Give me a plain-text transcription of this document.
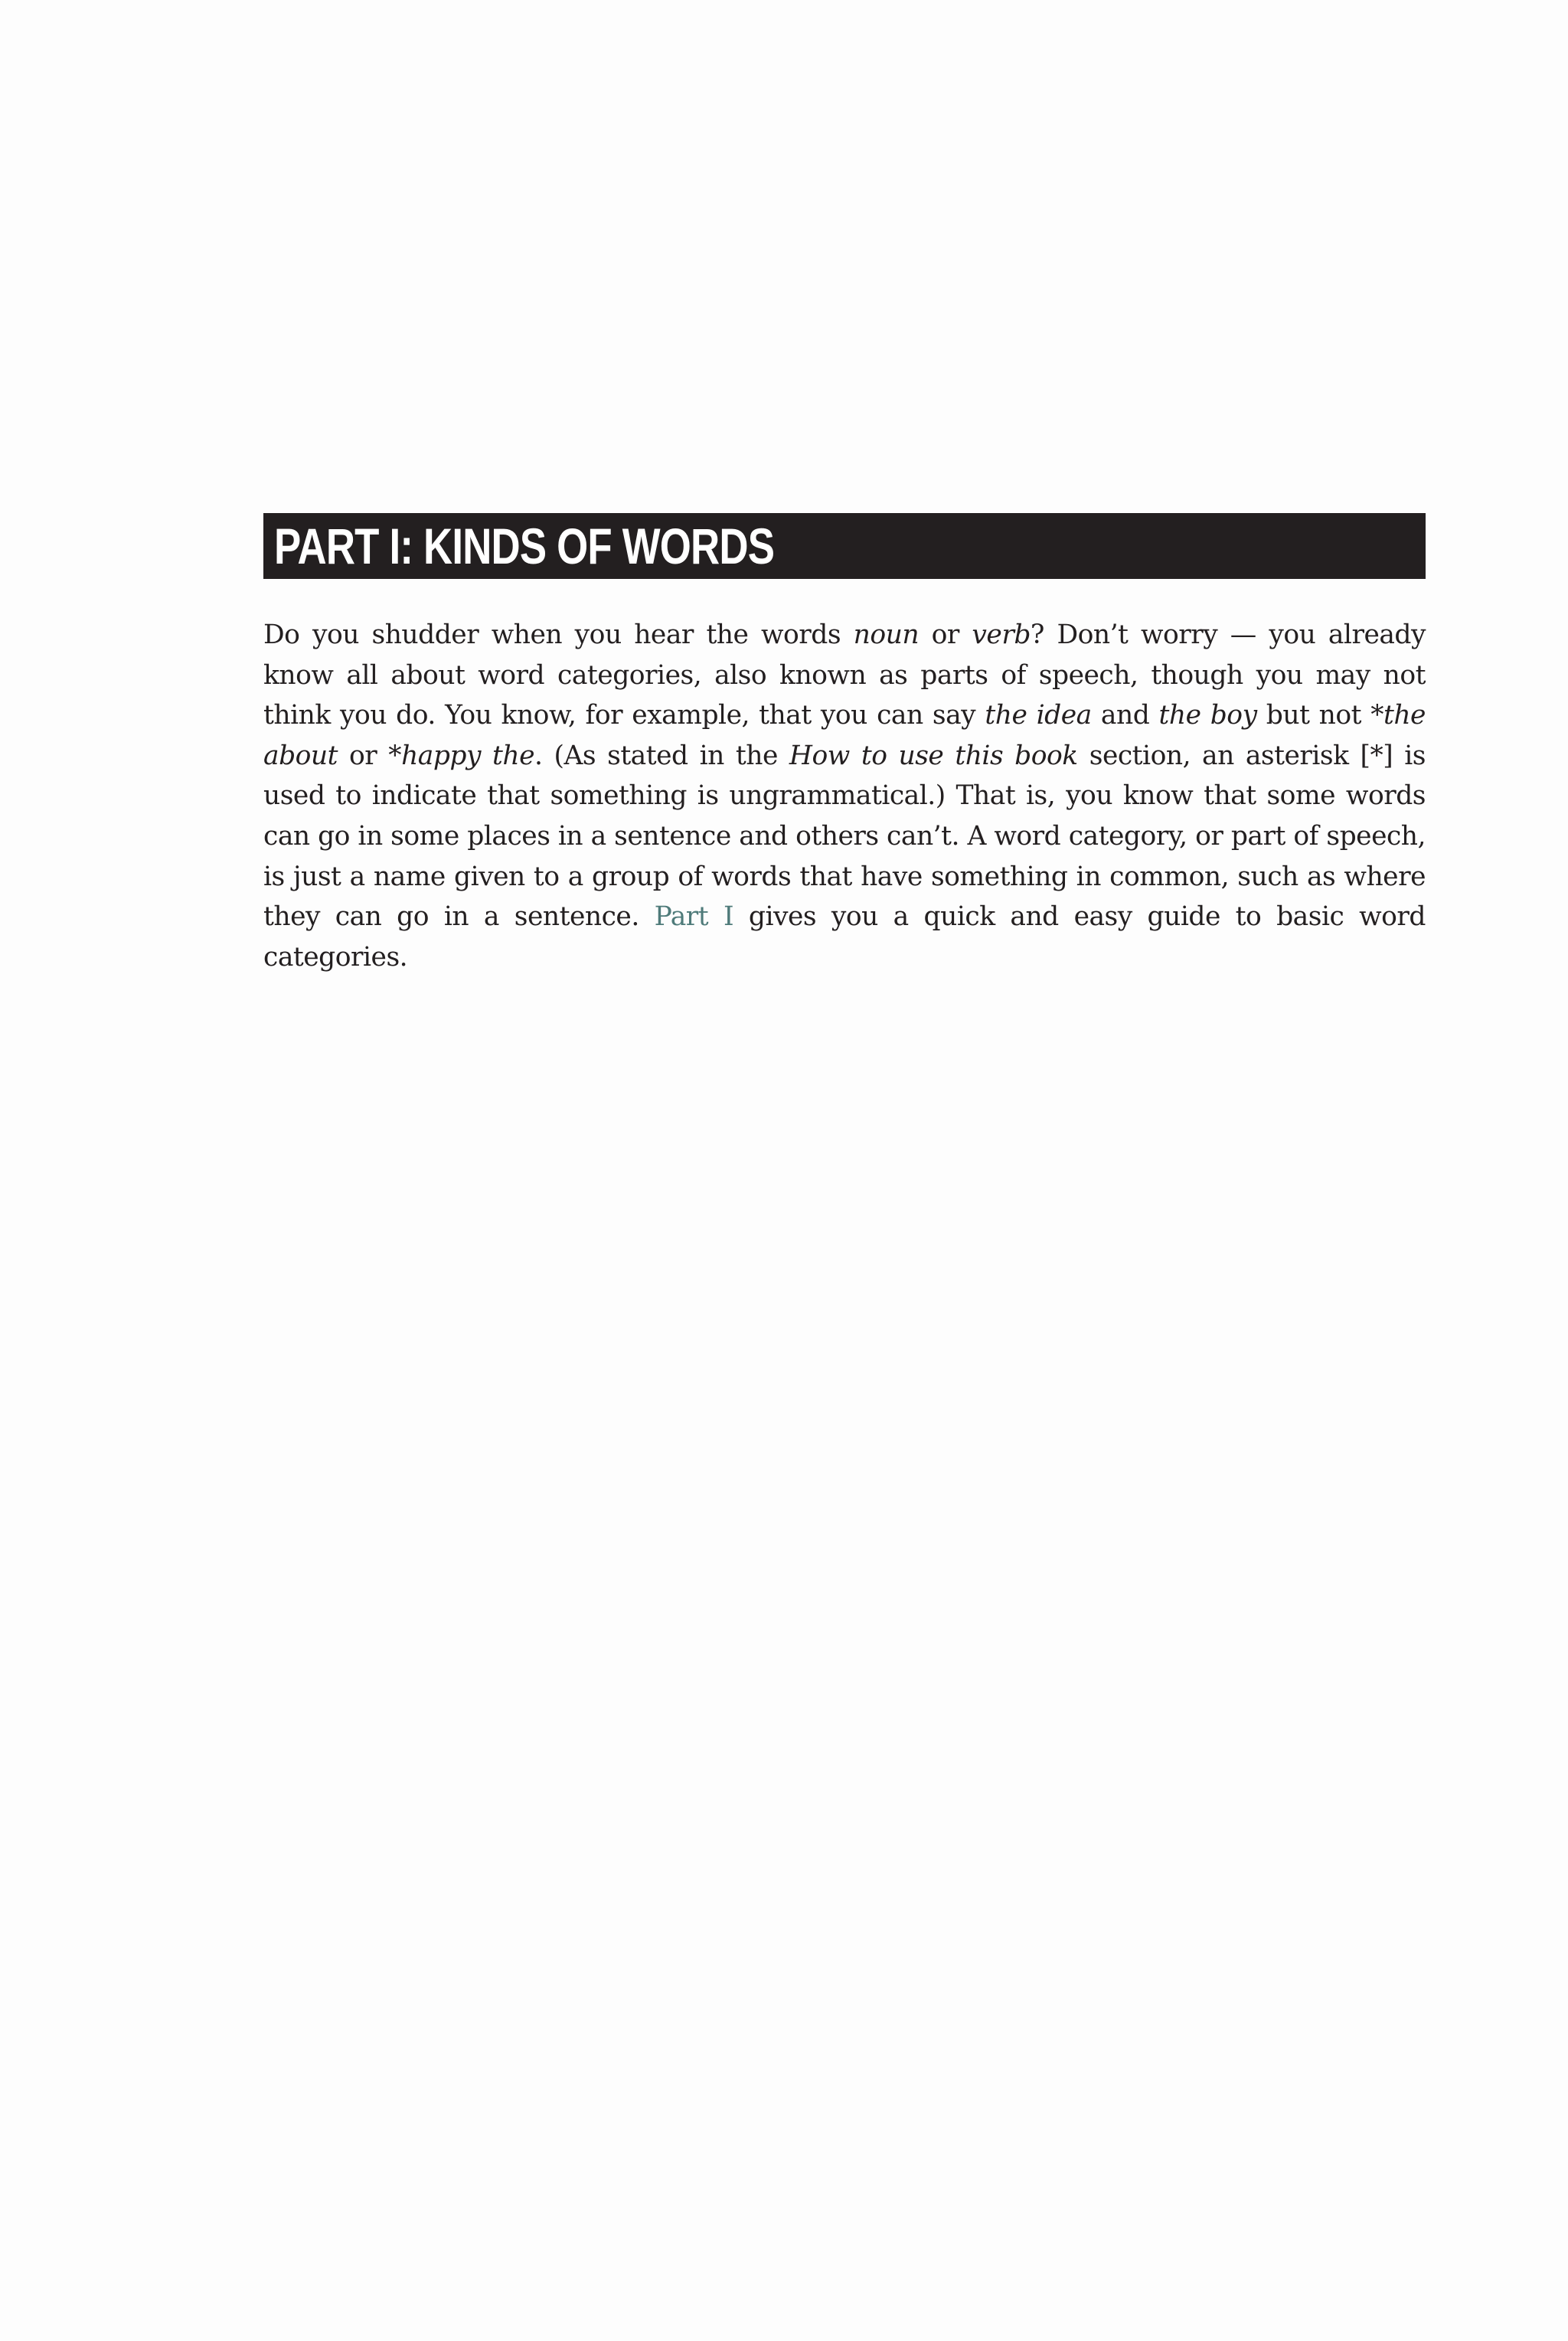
PART I: KINDS OF WORDS

Do you shudder when you hear the words noun or verb? Don’t worry — you already know all about word categories, also known as parts of speech, though you may not think you do. You know, for example, that you can say the idea and the boy but not *the about or *happy the. (As stated in the How to use this book section, an asterisk [*] is used to indicate that something is ungrammatical.) That is, you know that some words can go in some places in a sentence and others can’t. A word category, or part of speech, is just a name given to a group of words that have something in common, such as where they can go in a sentence. Part I gives you a quick and easy guide to basic word categories.
